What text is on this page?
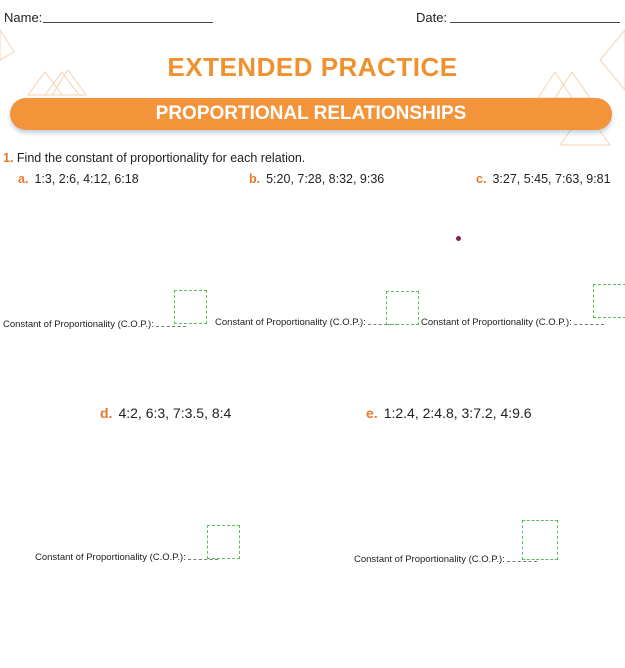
Name:	Date:
EXTENDED PRACTICE
PROPORTIONAL RELATIONSHIPS
1. Find the constant of proportionality for each relation.
a. 1:3, 2:6, 4:12, 6:18	b. 5:20, 7:28, 8:32, 9:36	c. 3:27, 5:45, 7:63, 9:81
Constant of Proportionality (C.O.P.):	Constant of Proportionality (C.O.P.):	Constant of Proportionality (C.O.P.):
d. 4:2, 6:3, 7:3.5, 8:4	e. 1:2.4, 2:4.8, 3:7.2, 4:9.6
Constant of Proportionality (C.O.P.):	Constant of Proportionality (C.O.P.):
